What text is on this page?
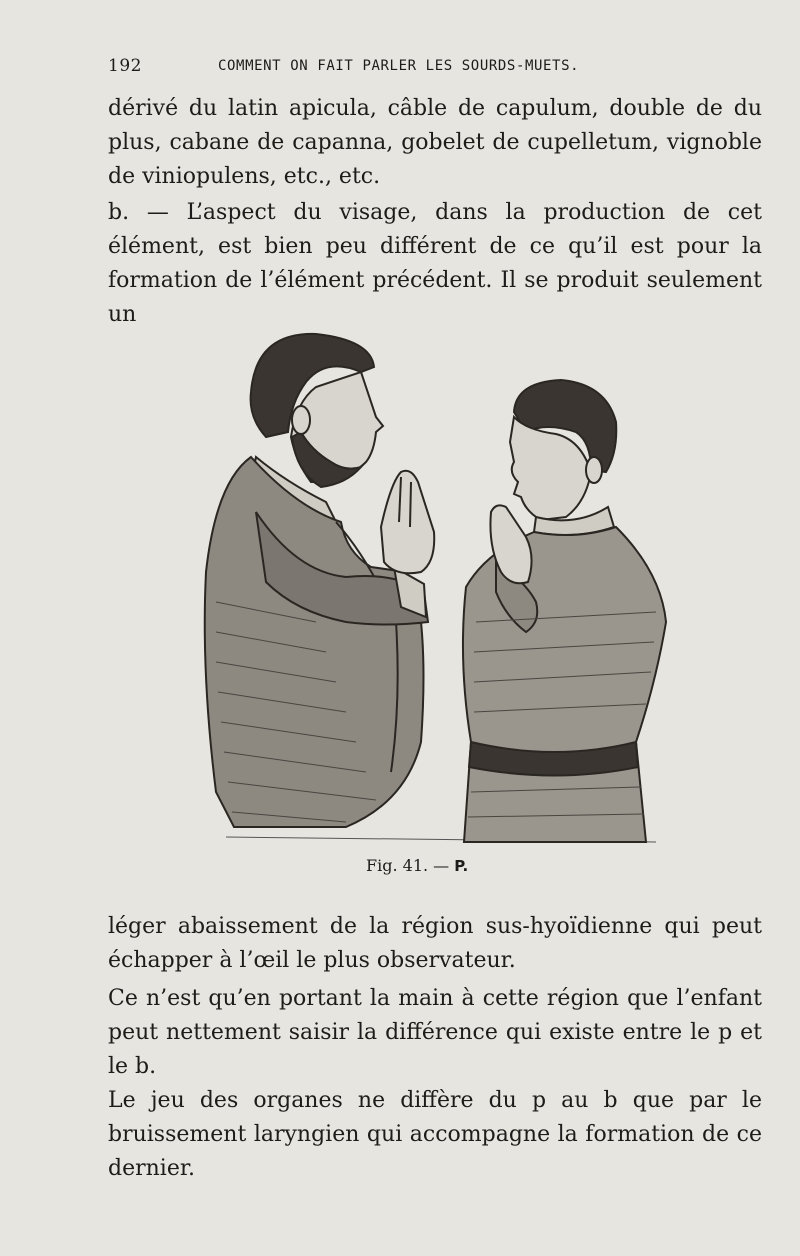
192	COMMENT ON FAIT PARLER LES SOURDS-MUETS.

dérivé du latin apicula, câble de capulum, double de du plus, cabane de capanna, gobelet de cupelletum, vignoble de viniopulens, etc., etc.

b. — L’aspect du visage, dans la production de cet élément, est bien peu différent de ce qu’il est pour la formation de l’élément précédent. Il se produit seulement un

Fig. 41. — P.

léger abaissement de la région sus-hyoïdienne qui peut échapper à l’œil le plus observateur.

Ce n’est qu’en portant la main à cette région que l’enfant peut nettement saisir la différence qui existe entre le p et le b.

Le jeu des organes ne diffère du p au b que par le bruissement laryngien qui accompagne la formation de ce dernier.
